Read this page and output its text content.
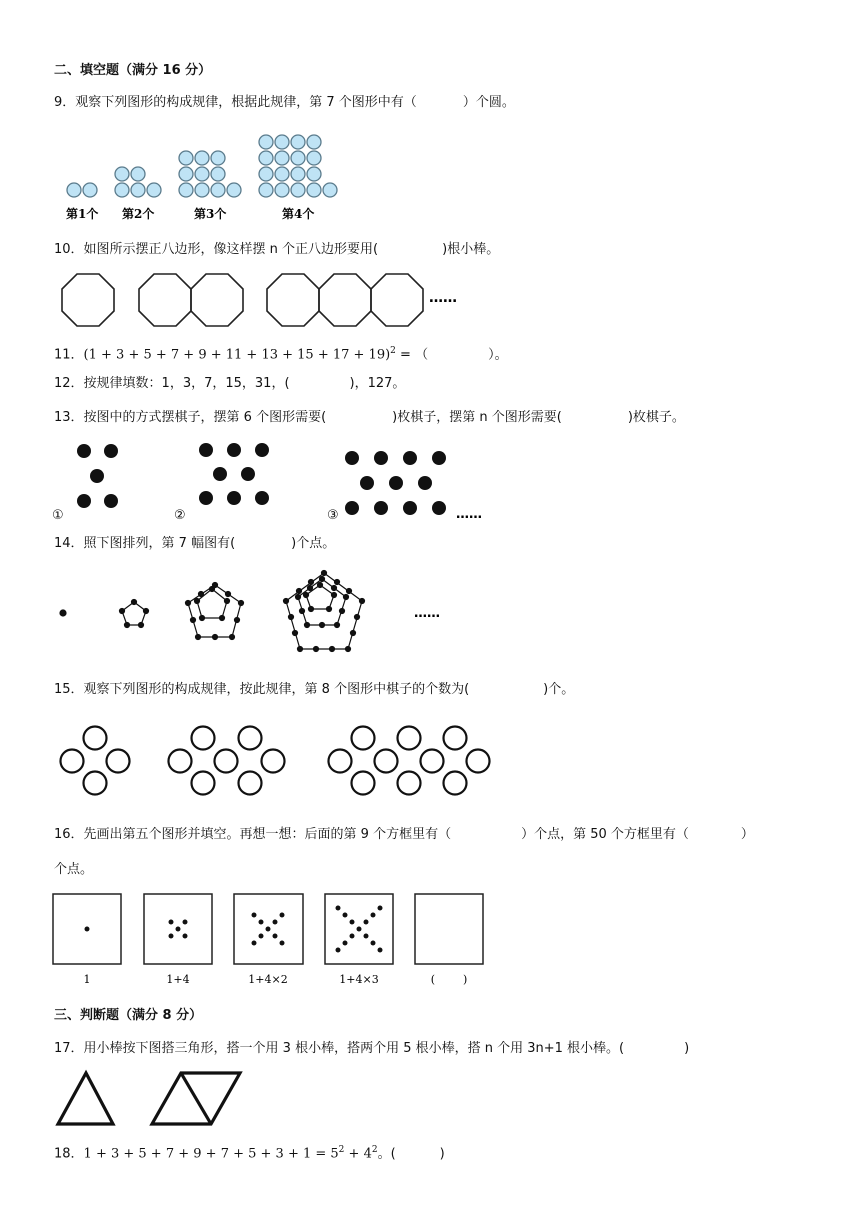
二、填空题（满分 16 分）
9．观察下列图形的构成规律，根据此规律，第 7 个图形中有（	）个圆。
第1个 第2个	第3个	第4个
10．如图所示摆正八边形，像这样摆 n 个正八边形要用(	)根小棒。
……
11．$(1 + 3 + 5 + 7 + 9 + 11 + 13 + 15 + 17 + 19)^2$ = （	）。
12．按规律填数：1，3，7，15，31，(	)，127。
13．按图中的方式摆棋子，摆第 6 个图形需要(	)枚棋子，摆第 n 个图形需要(	)枚棋子。
……
①	②	③
14．照下图排列，第 7 幅图有(	)个点。
……
15．观察下列图形的构成规律，按此规律，第 8 个图形中棋子的个数为(	)个。
16．先画出第五个图形并填空。再想一想：后面的第 9 个方框里有（	）个点，第 50 个方框里有（	）
个点。
1	1+4	1+4×2	1+4×3	(        )
三、判断题（满分 8 分）
17．用小棒按下图搭三角形，搭一个用 3 根小棒，搭两个用 5 根小棒，搭 n 个用 3n+1 根小棒。(	)
18．$1 + 3 + 5 + 7 + 9 + 7 + 5 + 3 + 1 = 5^2 + 4^2$。(	)
